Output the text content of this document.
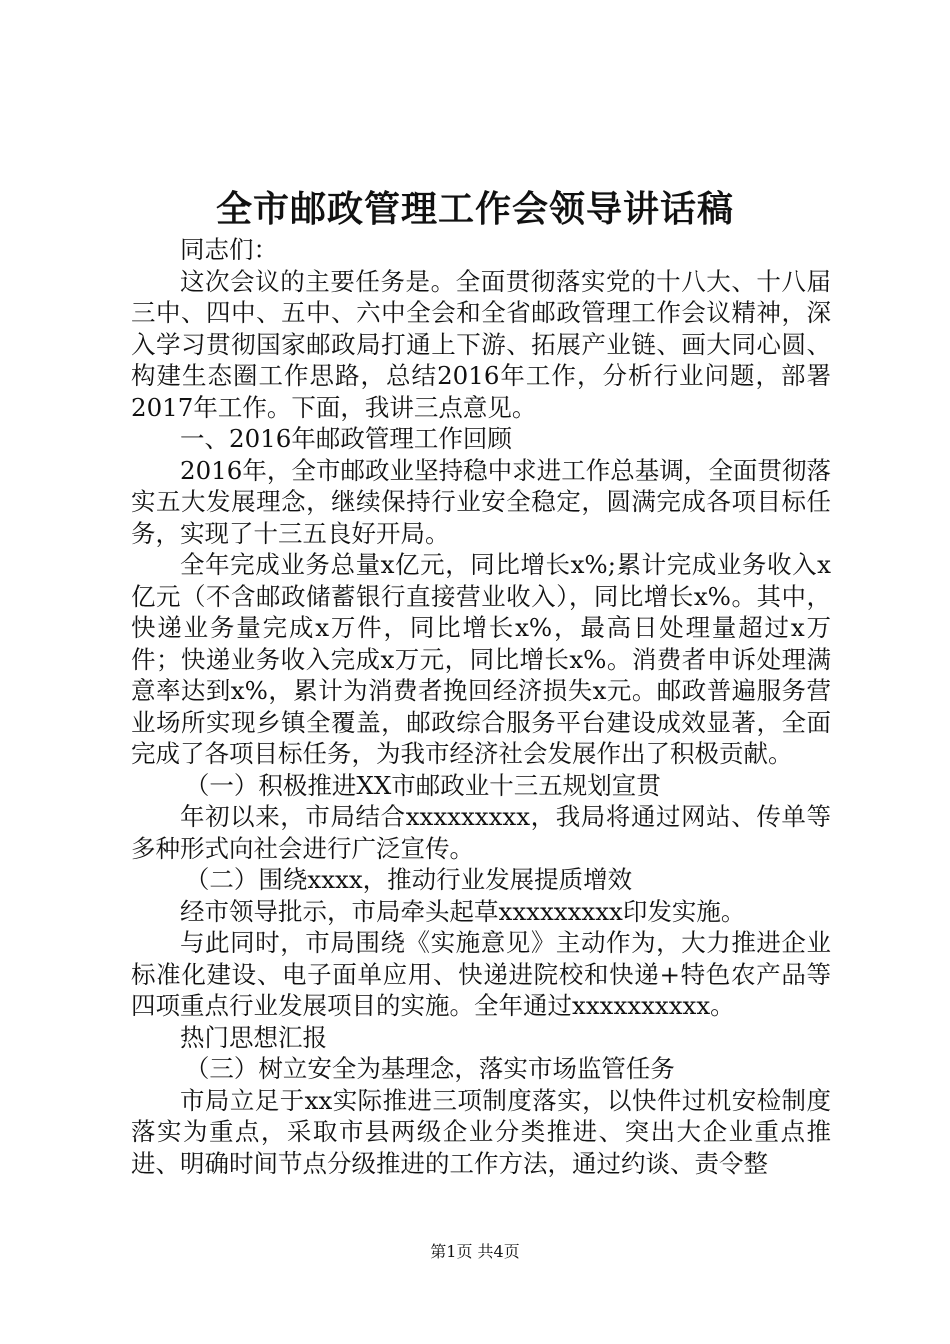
全市邮政管理工作会领导讲话稿

同志们：

这次会议的主要任务是。全面贯彻落实党的十八大、十八届三中、四中、五中、六中全会和全省邮政管理工作会议精神，深入学习贯彻国家邮政局打通上下游、拓展产业链、画大同心圆、构建生态圈工作思路，总结2016年工作，分析行业问题，部署2017年工作。下面，我讲三点意见。

一、2016年邮政管理工作回顾

2016年，全市邮政业坚持稳中求进工作总基调，全面贯彻落实五大发展理念，继续保持行业安全稳定，圆满完成各项目标任务，实现了十三五良好开局。

全年完成业务总量x亿元，同比增长x%;累计完成业务收入x亿元（不含邮政储蓄银行直接营业收入），同比增长x%。其中，快递业务量完成x万件，同比增长x%，最高日处理量超过x万件；快递业务收入完成x万元，同比增长x%。消费者申诉处理满意率达到x%，累计为消费者挽回经济损失x元。邮政普遍服务营业场所实现乡镇全覆盖，邮政综合服务平台建设成效显著，全面完成了各项目标任务，为我市经济社会发展作出了积极贡献。

（一）积极推进XX市邮政业十三五规划宣贯

年初以来，市局结合xxxxxxxxx，我局将通过网站、传单等多种形式向社会进行广泛宣传。

（二）围绕xxxx，推动行业发展提质增效

经市领导批示，市局牵头起草xxxxxxxxx印发实施。

与此同时，市局围绕《实施意见》主动作为，大力推进企业标准化建设、电子面单应用、快递进院校和快递+特色农产品等四项重点行业发展项目的实施。全年通过xxxxxxxxxx。

热门思想汇报

（三）树立安全为基理念，落实市场监管任务

市局立足于xx实际推进三项制度落实，以快件过机安检制度落实为重点，采取市县两级企业分类推进、突出大企业重点推进、明确时间节点分级推进的工作方法，通过约谈、责令整

第1页 共4页
